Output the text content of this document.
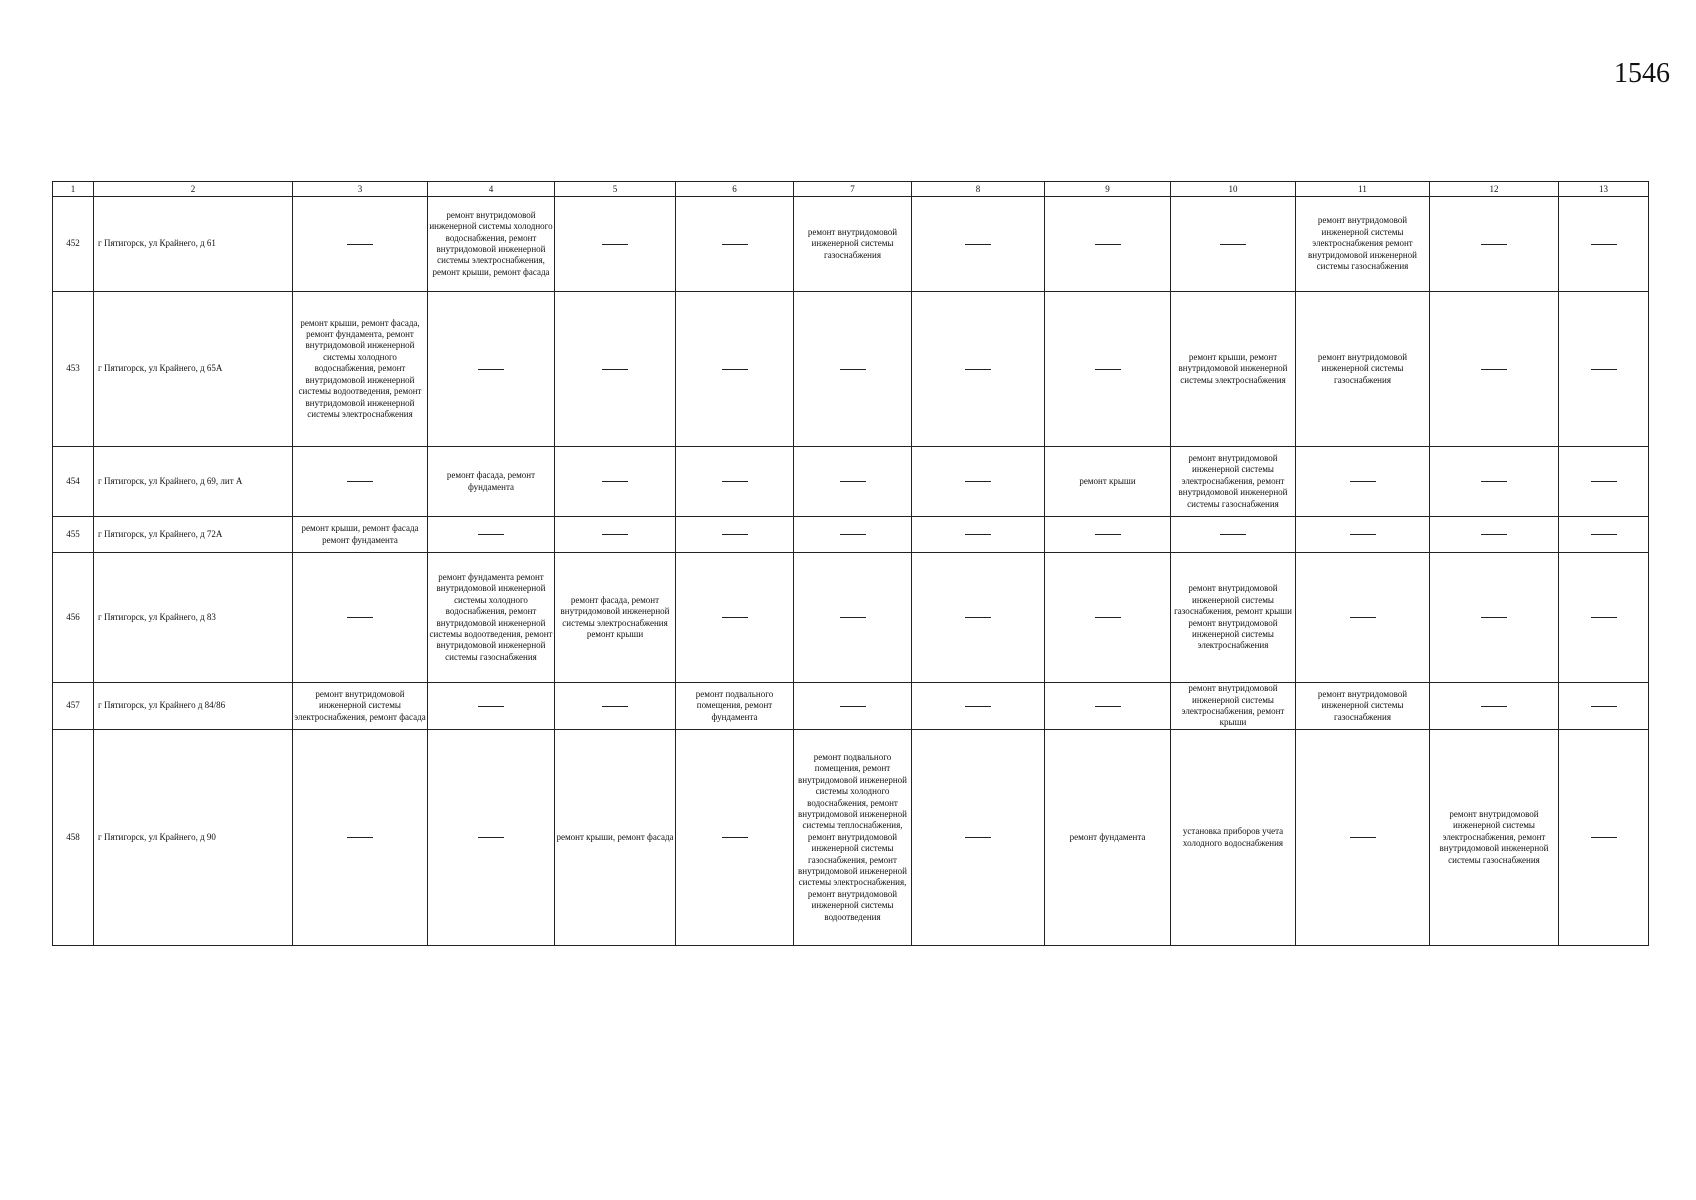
1546
1	2	3	4	5	6	7	8	9	10	11	12	13

452	г Пятигорск, ул Крайнего, д 61		ремонт внутридомовой инженерной системы холодного водоснабжения, ремонт внутридомовой инженерной системы электроснабжения, ремонт крыши, ремонт фасада			ремонт внутридомовой инженерной системы газоснабжения				ремонт внутридомовой инженерной системы электроснабжения ремонт внутридомовой инженерной системы газоснабжения		

453	г Пятигорск, ул Крайнего, д 65А	ремонт крыши, ремонт фасада, ремонт фундамента, ремонт внутридомовой инженерной системы холодного водоснабжения, ремонт внутридомовой инженерной системы водоотведения, ремонт внутридомовой инженерной системы электроснабжения							ремонт крыши, ремонт внутридомовой инженерной системы электроснабжения	ремонт внутридомовой инженерной системы газоснабжения		

454	г Пятигорск, ул Крайнего, д 69, лит А		ремонт фасада, ремонт фундамента					ремонт крыши	ремонт внутридомовой инженерной системы электроснабжения, ремонт внутридомовой инженерной системы газоснабжения			

455	г Пятигорск, ул Крайнего, д 72А	ремонт крыши, ремонт фасада ремонт фундамента										

456	г Пятигорск, ул Крайнего, д 83		ремонт фундамента ремонт внутридомовой инженерной системы холодного водоснабжения, ремонт внутридомовой инженерной системы водоотведения, ремонт внутридомовой инженерной системы газоснабжения	ремонт фасада, ремонт внутридомовой инженерной системы электроснабжения ремонт крыши					ремонт внутридомовой инженерной системы газоснабжения, ремонт крыши ремонт внутридомовой инженерной системы электроснабжения			

457	г Пятигорск, ул Крайнего д 84/86	ремонт внутридомовой инженерной системы электроснабжения, ремонт фасада			ремонт подвального помещения, ремонт фундамента				ремонт внутридомовой инженерной системы электроснабжения, ремонт крыши	ремонт внутридомовой инженерной системы газоснабжения		

458	г Пятигорск, ул Крайнего, д 90			ремонт крыши, ремонт фасада		ремонт подвального помещения, ремонт внутридомовой инженерной системы холодного водоснабжения, ремонт внутридомовой инженерной системы теплоснабжения, ремонт внутридомовой инженерной системы газоснабжения, ремонт внутридомовой инженерной системы электроснабжения, ремонт внутридомовой инженерной системы водоотведения		ремонт фундамента	установка приборов учета холодного водоснабжения		ремонт внутридомовой инженерной системы электроснабжения, ремонт внутридомовой инженерной системы газоснабжения	
